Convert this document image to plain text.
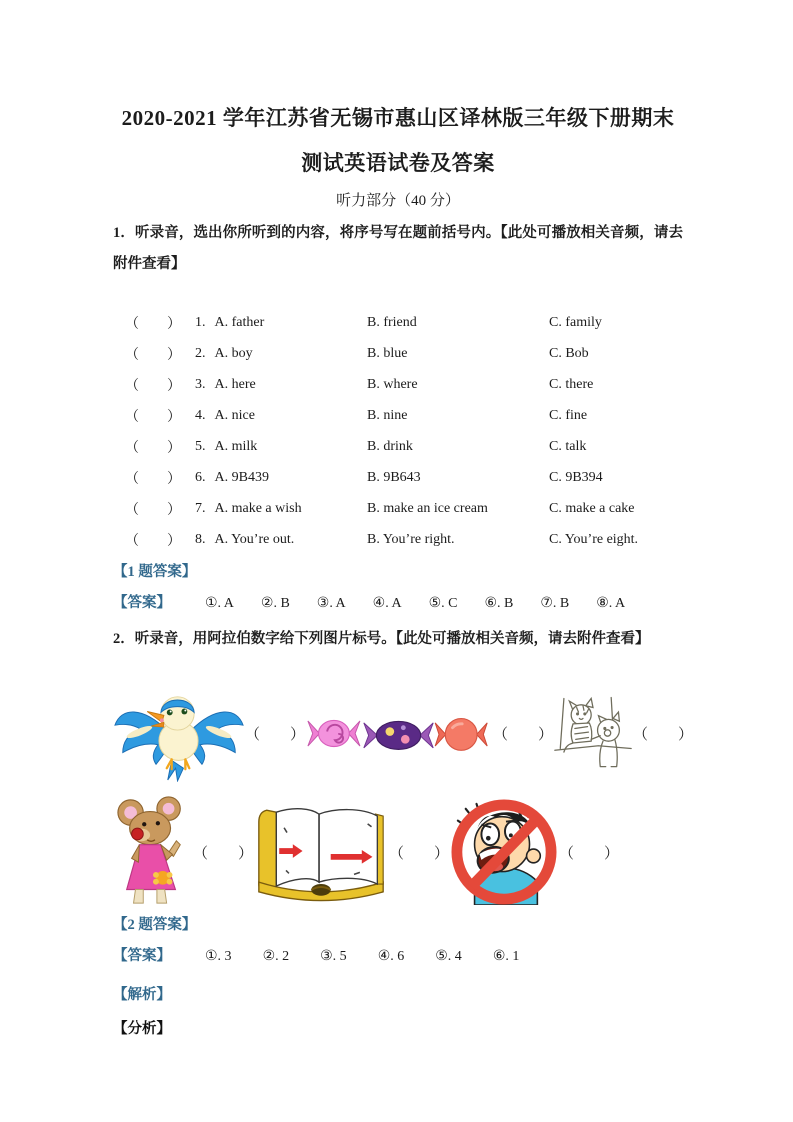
2020-2021 学年江苏省无锡市惠山区译林版三年级下册期末
测试英语试卷及答案
听力部分（40 分）
1．听录音，选出你所听到的内容，将序号写在题前括号内。【此处可播放相关音频，请去附件查看】
（　　）	1. A. father	B. friend	C. family
（　　）	2. A. boy	B. blue	C. Bob
（　　）	3. A. here	B. where	C. there
（　　）	4. A. nice	B. nine	C. fine
（　　）	5. A. milk	B. drink	C. talk
（　　）	6. A. 9B439	B. 9B643	C. 9B394
（　　）	7. A. make a wish	B. make an ice cream	C. make a cake
（　　）	8. A. You’re out.	B. You’re right.	C. You’re eight.
【1 题答案】
【答案】	①. A ②. B ③. A ④. A ⑤. C ⑥. B ⑦. B ⑧. A
2．听录音，用阿拉伯数字给下列图片标号。【此处可播放相关音频，请去附件查看】
（　　）	（　　）	（　　）
（　　）	（　　）	（　　）
【2 题答案】
【答案】	①. 3 ②. 2 ③. 5 ④. 6 ⑤. 4 ⑥. 1
【解析】
【分析】
